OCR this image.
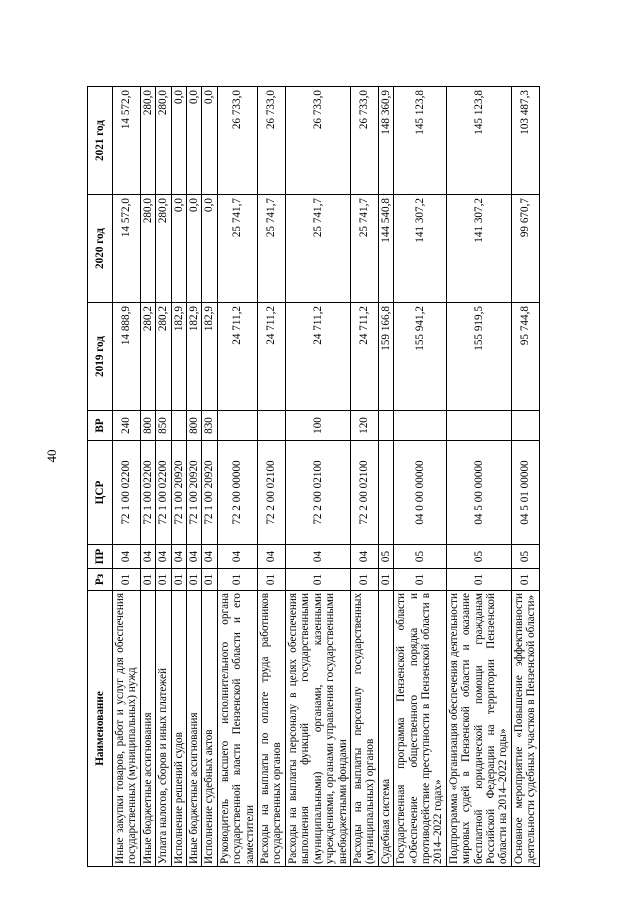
40
Наименование	Рз	ПР	ЦСР	ВР	2019 год	2020 год	2021 год
Иные закупки товаров, работ и услуг для обеспечения государственных (муниципальных) нужд	01	04	72 1 00 02200	240	14 888,9	14 572,0	14 572,0
Иные бюджетные ассигнования	01	04	72 1 00 02200	800	280,2	280,0	280,0
Уплата налогов, сборов и иных платежей	01	04	72 1 00 02200	850	280,2	280,0	280,0
Исполнение решений судов	01	04	72 1 00 20920		182,9	0,0	0,0
Иные бюджетные ассигнования	01	04	72 1 00 20920	800	182,9	0,0	0,0
Исполнение судебных актов	01	04	72 1 00 20920	830	182,9	0,0	0,0
Руководитель высшего исполнительного органа государственной власти Пензенской области и его заместители	01	04	72 2 00 00000		24 711,2	25 741,7	26 733,0
Расходы на выплаты по оплате труда работников государственных органов	01	04	72 2 00 02100		24 711,2	25 741,7	26 733,0
Расходы на выплаты персоналу в целях обеспечения выполнения функций государственными (муниципальными) органами, казенными учреждениями, органами управления государственными внебюджетными фондами	01	04	72 2 00 02100	100	24 711,2	25 741,7	26 733,0
Расходы на выплаты персоналу государственных (муниципальных) органов	01	04	72 2 00 02100	120	24 711,2	25 741,7	26 733,0
Судебная система	01	05			159 166,8	144 540,8	148 360,9
Государственная программа Пензенской области «Обеспечение общественного порядка и противодействие преступности в Пензенской области в 2014–2022 годах»	01	05	04 0 00 00000		155 941,2	141 307,2	145 123,8
Подпрограмма «Организация обеспечения деятельности мировых судей в Пензенской области и оказание бесплатной юридической помощи гражданам Российской Федерации на территории Пензенской области на 2014–2022 годы»	01	05	04 5 00 00000		155 919,5	141 307,2	145 123,8
Основное мероприятие «Повышение эффективности деятельности судебных участков в Пензенской области»	01	05	04 5 01 00000		95 744,8	99 670,7	103 487,3
